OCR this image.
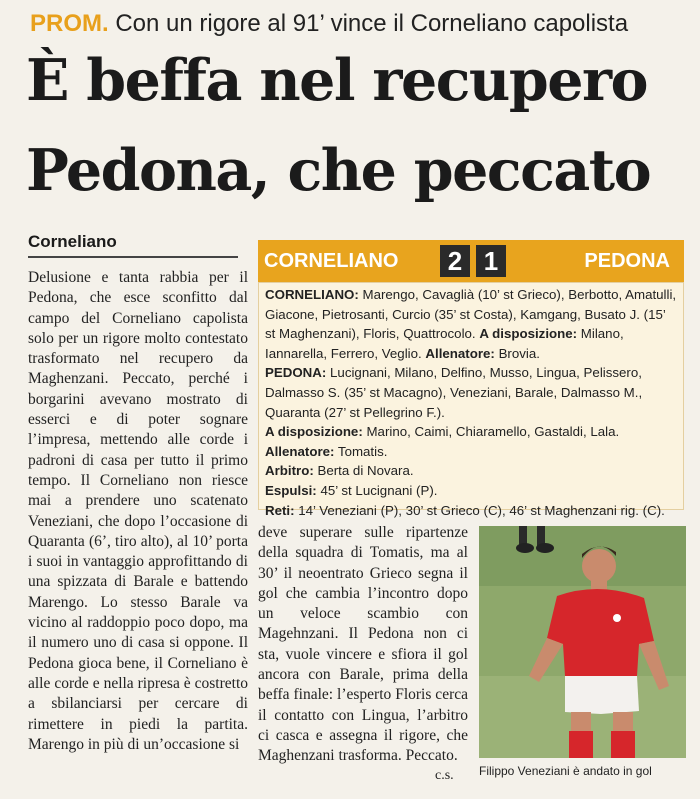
PROM. Con un rigore al 91’ vince il Corneliano capolista
È beffa nel recupero
Pedona, che peccato
Corneliano
Delusione e tanta rabbia per il Pedona, che esce sconfitto dal campo del Corneliano capolista solo per un rigore molto contestato trasformato nel recupero da Maghenzani. Peccato, perché i borgarini avevano mostrato di esserci e di poter sognare l’impresa, mettendo alle corde i padroni di casa per tutto il primo tempo. Il Corneliano non riesce mai a prendere uno scatenato Veneziani, che dopo l’occasione di Quaranta (6’, tiro alto), al 10’ porta i suoi in vantaggio approfittando di una spizzata di Barale e battendo Marengo. Lo stesso Barale va vicino al raddoppio poco dopo, ma il numero uno di casa si oppone. Il Pedona gioca bene, il Corneliano è alle corde e nella ripresa è costretto a sbilanciarsi per cercare di rimettere in piedi la partita. Marengo in più di un’occasione si
CORNELIANO	2 1	PEDONA
CORNELIANO: Marengo, Cavaglià (10’ st Grieco), Berbotto, Amatulli, Giacone, Pietrosanti, Curcio (35’ st Costa), Kamgang, Busato J. (15’ st Maghenzani), Floris, Quattrocolo. A disposizione: Milano, Iannarella, Ferrero, Veglio. Allenatore: Brovia.
PEDONA: Lucignani, Milano, Delfino, Musso, Lingua, Pelissero, Dalmasso S. (35’ st Macagno), Veneziani, Barale, Dalmasso M., Quaranta (27’ st Pellegrino F.).
A disposizione: Marino, Caimi, Chiaramello, Gastaldi, Lala.
Allenatore: Tomatis.
Arbitro: Berta di Novara.
Espulsi: 45’ st Lucignani (P).
Reti: 14’ Veneziani (P), 30’ st Grieco (C), 46’ st Maghenzani rig. (C).
deve superare sulle ripartenze della squadra di Tomatis, ma al 30’ il neoentrato Grieco segna il gol che cambia l’incontro dopo un veloce scambio con Magehnzani. Il Pedona non ci sta, vuole vincere e sfiora il gol ancora con Barale, prima della beffa finale: l’esperto Floris cerca il contatto con Lingua, l’arbitro ci casca e assegna il rigore, che Maghenzani trasforma. Peccato.
c.s. Filippo Veneziani è andato in gol
